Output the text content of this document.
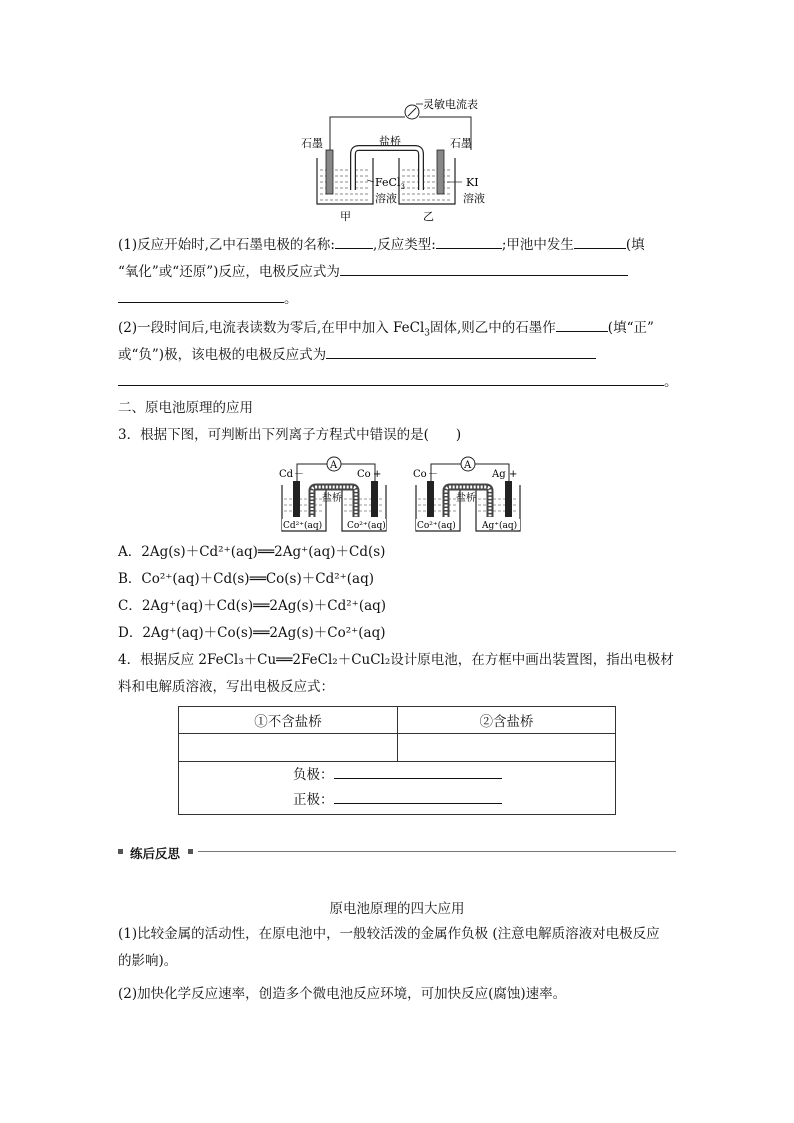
灵敏电流表
石墨	石墨
盐桥
FeCl$_3$
溶液
KI
溶液
甲	乙
(1)反应开始时,乙中石墨电极的名称:	,反应类型:	;甲池中发生	(填
“氧化”或“还原”)反应，电极反应式为
。
(2)一段时间后,电流表读数为零后,在甲中加入 FeCl$_3$固体,则乙中的石墨作	(填“正”
或“负”)极，该电极的电极反应式为
。
二、原电池原理的应用
3．根据下图，可判断出下列离子方程式中错误的是(　　)
A
Cd －	Co +
盐桥
Cd²⁺(aq)	Co²⁺(aq)
A
Co －	Ag +
盐桥
Co²⁺(aq)	Ag⁺(aq)
A．2Ag(s)＋Cd²⁺(aq)══2Ag⁺(aq)＋Cd(s)
B．Co²⁺(aq)＋Cd(s)══Co(s)＋Cd²⁺(aq)
C．2Ag⁺(aq)＋Cd(s)══2Ag(s)＋Cd²⁺(aq)
D．2Ag⁺(aq)＋Co(s)══2Ag(s)＋Co²⁺(aq)
4．根据反应 2FeCl₃＋Cu══2FeCl₂＋CuCl₂设计原电池，在方框中画出装置图，指出电极材
料和电解质溶液，写出电极反应式：
①不含盐桥	②含盐桥

负极：
正极：	
练后反思
原电池原理的四大应用
(1)比较金属的活动性，在原电池中，一般较活泼的金属作负极 (注意电解质溶液对电极反应
的影响)。
(2)加快化学反应速率，创造多个微电池反应环境，可加快反应(腐蚀)速率。
